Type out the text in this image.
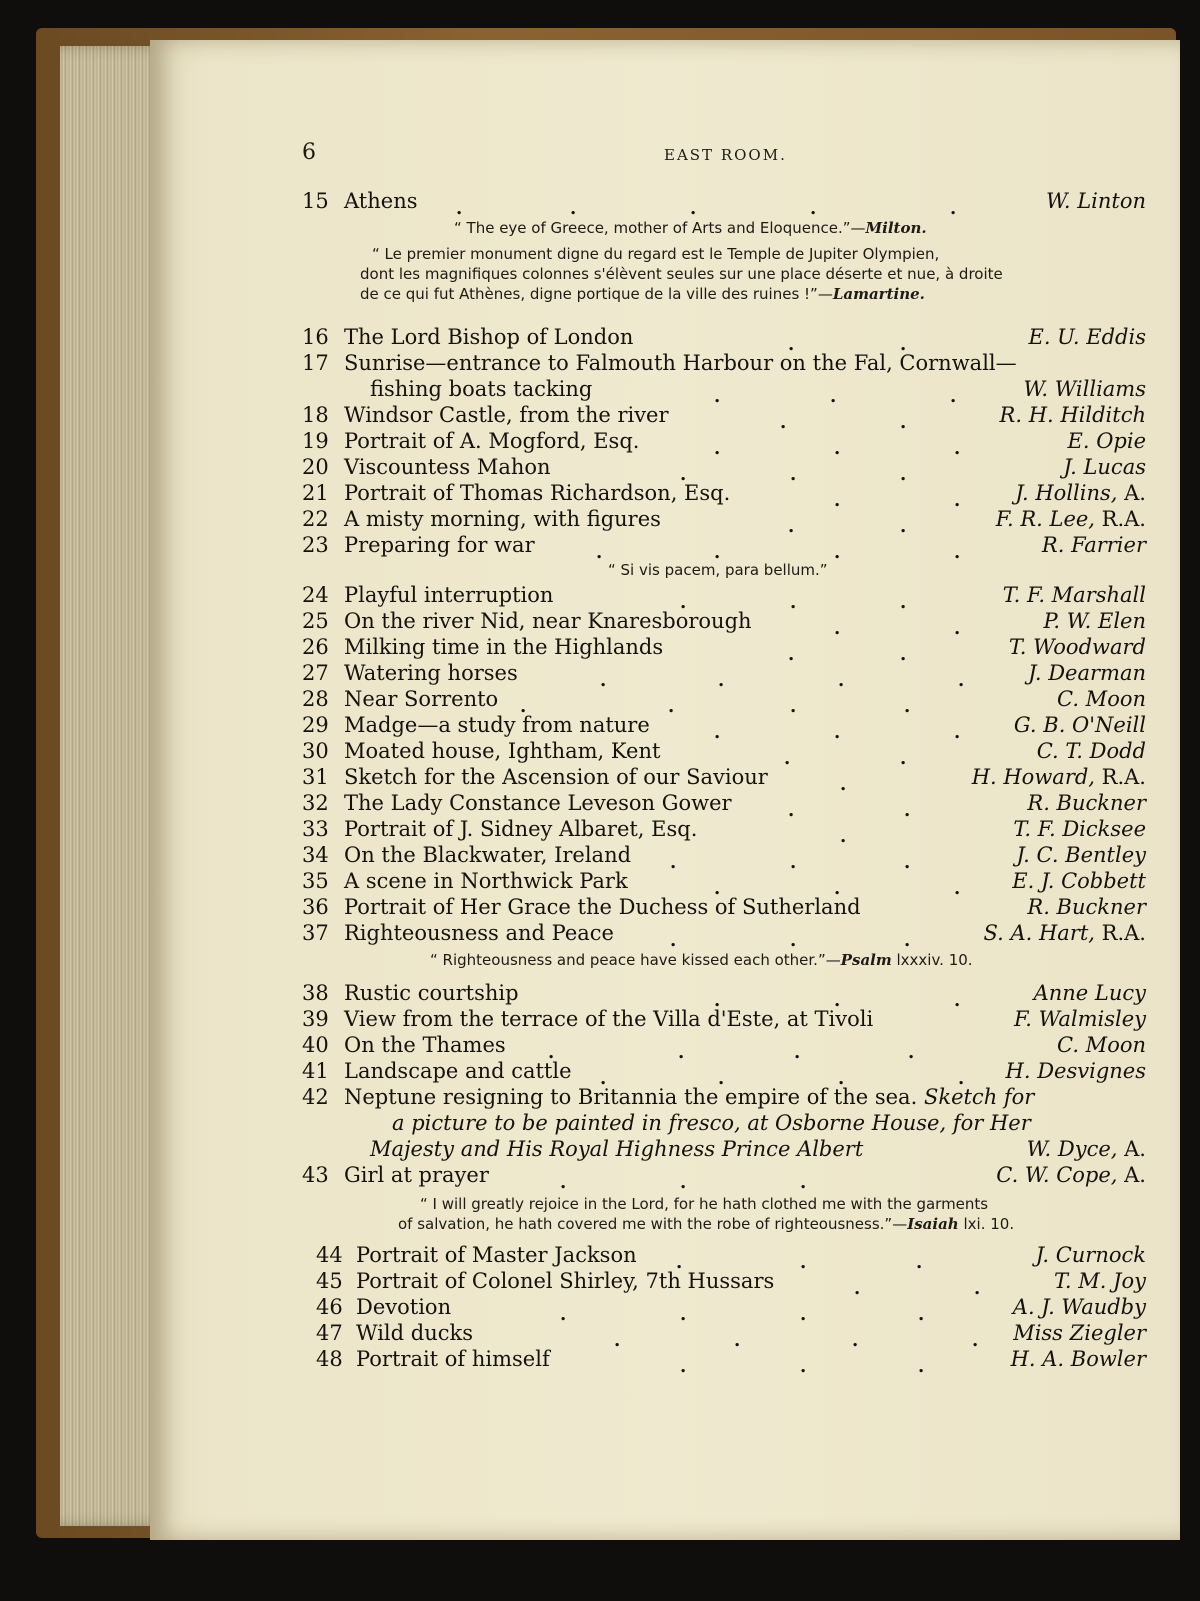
6	EAST ROOM.
15 Athens .	.	.	.	.	W. Linton
“ The eye of Greece, mother of Arts and Eloquence.”—Milton.
“ Le premier monument digne du regard est le Temple de Jupiter Olympien,
dont les magnifiques colonnes s'élèvent seules sur une place déserte et nue, à droite
de ce qui fut Athènes, digne portique de la ville des ruines !”—Lamartine.
16 The Lord Bishop of London	.	.	E. U. Eddis
17 Sunrise—entrance to Falmouth Harbour on the Fal, Cornwall—
fishing boats tacking	.	.	.	W. Williams
18 Windsor Castle, from the river	.	.	R. H. Hilditch
19 Portrait of A. Mogford, Esq.	.	.	.	E. Opie
20 Viscountess Mahon	.	.	.	J. Lucas
21 Portrait of Thomas Richardson, Esq.	.	.	J. Hollins, A.
22 A misty morning, with figures	.	.	F. R. Lee, R.A.
23 Preparing for war	.	.	.	.	R. Farrier
“ Si vis pacem, para bellum.”
24 Playful interruption	.	.	.	T. F. Marshall
25 On the river Nid, near Knaresborough	.	.	P. W. Elen
26 Milking time in the Highlands	.	.	T. Woodward
27 Watering horses	.	.	.	.	J. Dearman
28 Near Sorrento .	.	.	.	C. Moon
29 Madge—a study from nature	.	.	.	G. B. O'Neill
30 Moated house, Ightham, Kent	.	.	C. T. Dodd
31 Sketch for the Ascension of our Saviour	.	H. Howard, R.A.
32 The Lady Constance Leveson Gower	.	.	R. Buckner
33 Portrait of J. Sidney Albaret, Esq.	.	T. F. Dicksee
34 On the Blackwater, Ireland .	.	.	J. C. Bentley
35 A scene in Northwick Park	.	.	. E. J. Cobbett
36 Portrait of Her Grace the Duchess of Sutherland	R. Buckner
37 Righteousness and Peace	.	.	.	S. A. Hart, R.A.
“ Righteousness and peace have kissed each other.”—Psalm lxxxiv. 10.
38 Rustic courtship	.	.	.	Anne Lucy
39 View from the terrace of the Villa d'Este, at Tivoli	F. Walmisley
40 On the Thames .	.	.	.	C. Moon
41 Landscape and cattle .	.	.	. H. Desvignes
42 Neptune resigning to Britannia the empire of the sea. Sketch for
a picture to be painted in fresco, at Osborne House, for Her
Majesty and His Royal Highness Prince Albert	W. Dyce, A.
43 Girl at prayer	.	.	.	C. W. Cope, A.
“ I will greatly rejoice in the Lord, for he hath clothed me with the garments
of salvation, he hath covered me with the robe of righteousness.”—Isaiah lxi. 10.
44 Portrait of Master Jackson .	.	.	J. Curnock
45 Portrait of Colonel Shirley, 7th Hussars	.	.	T. M. Joy
46 Devotion	.	.	.	.	A. J. Waudby
47 Wild ducks	.	.	.	. Miss Ziegler
48 Portrait of himself	.	.	.	H. A. Bowler
